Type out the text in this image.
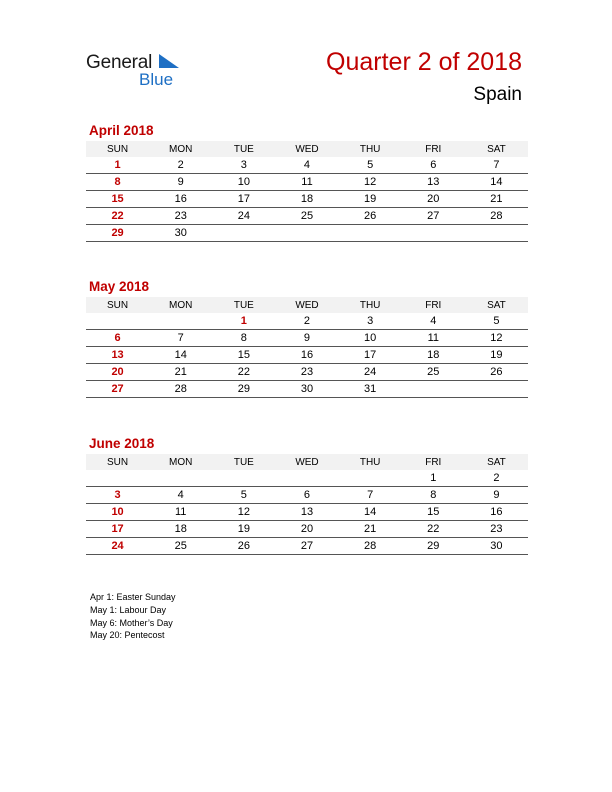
General
Blue
Quarter 2 of 2018
Spain
April 2018
SUN	MON	TUE	WED	THU	FRI	SAT
1	2	3	4	5	6	7
8	9	10	11	12	13	14
15	16	17	18	19	20	21
22	23	24	25	26	27	28
29	30					
May 2018
SUN	MON	TUE	WED	THU	FRI	SAT
		1	2	3	4	5
6	7	8	9	10	11	12
13	14	15	16	17	18	19
20	21	22	23	24	25	26
27	28	29	30	31		
June 2018
SUN	MON	TUE	WED	THU	FRI	SAT
					1	2
3	4	5	6	7	8	9
10	11	12	13	14	15	16
17	18	19	20	21	22	23
24	25	26	27	28	29	30
Apr 1: Easter Sunday
May 1: Labour Day
May 6: Mother’s Day
May 20: Pentecost
